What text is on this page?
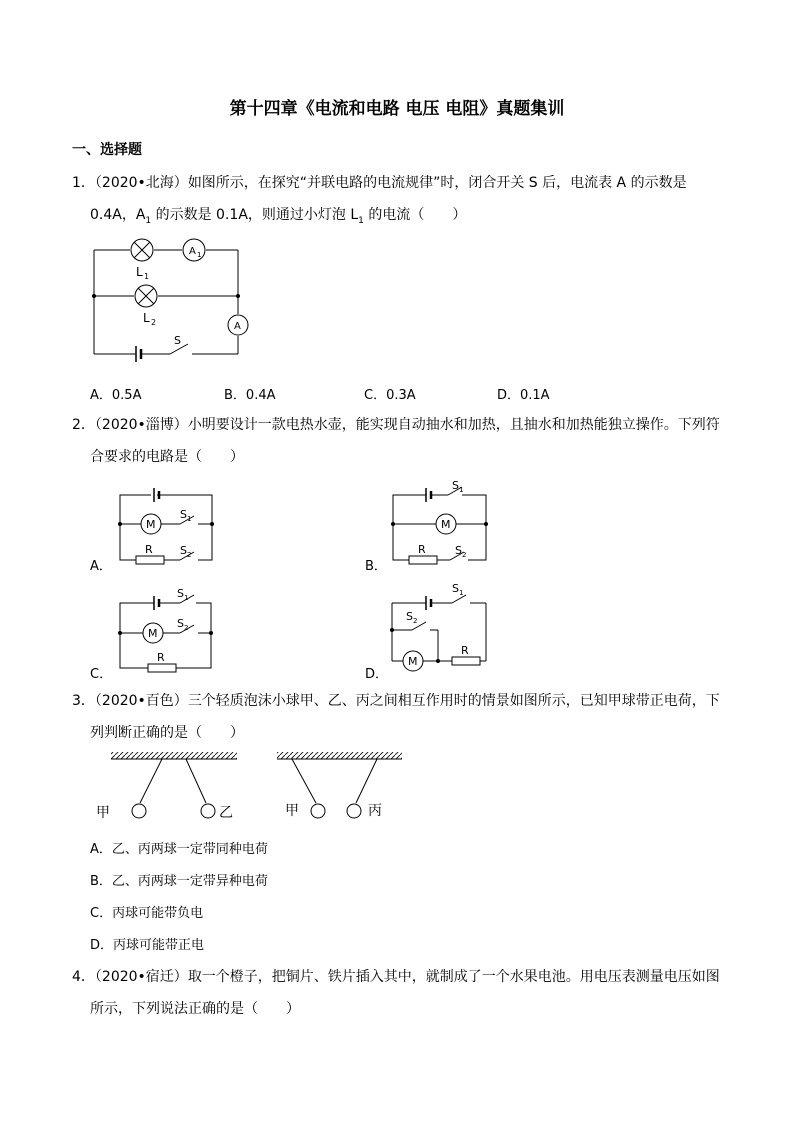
第十四章《电流和电路 电压 电阻》真题集训
一、选择题
1．（2020•北海）如图所示，在探究“并联电路的电流规律”时，闭合开关 S 后，电流表 A 的示数是
0.4A，$A_1$ 的示数是 0.1A，则通过小灯泡 $L_1$ 的电流（　　）
A 1
A
L 1
L 2
S
A．0.5A	B．0.4A	C．0.3A	D．0.1A
2．（2020•淄博）小明要设计一款电热水壶，能实现自动抽水和加热，且抽水和加热能独立操作。下列符
合要求的电路是（　　）
M	M
M
M
R	R
R
R
S 1
S 2
S 1
S 2
S 1
S 2
S 1
S 2
A．	B．
C．	D．
3．（2020•百色）三个轻质泡沫小球甲、乙、丙之间相互作用时的情景如图所示，已知甲球带正电荷，下
列判断正确的是（　　）
甲	乙	甲	丙
A．乙、丙两球一定带同种电荷
B．乙、丙两球一定带异种电荷
C．丙球可能带负电
D．丙球可能带正电
4．（2020•宿迁）取一个橙子，把铜片、铁片插入其中，就制成了一个水果电池。用电压表测量电压如图
所示，下列说法正确的是（　　）
